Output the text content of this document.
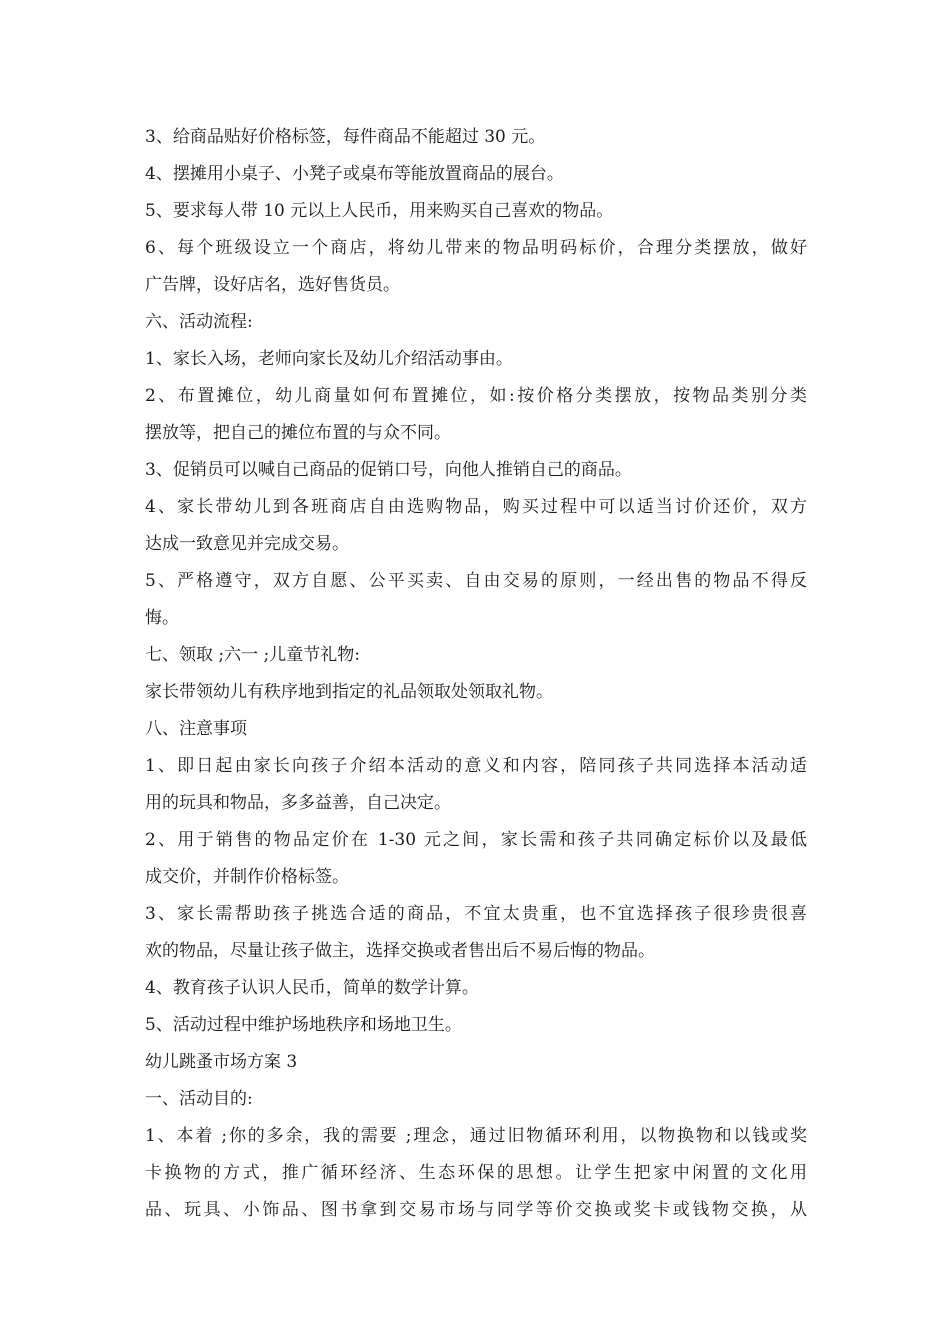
3、给商品贴好价格标签，每件商品不能超过 30 元。

4、摆摊用小桌子、小凳子或桌布等能放置商品的展台。

5、要求每人带 10 元以上人民币，用来购买自己喜欢的物品。

6、每个班级设立一个商店，将幼儿带来的物品明码标价，合理分类摆放，做好

广告牌，设好店名，选好售货员。

六、活动流程:

1、家长入场，老师向家长及幼儿介绍活动事由。

2、布置摊位，幼儿商量如何布置摊位，如:按价格分类摆放，按物品类别分类

摆放等，把自己的摊位布置的与众不同。

3、促销员可以喊自己商品的促销口号，向他人推销自己的商品。

4、家长带幼儿到各班商店自由选购物品，购买过程中可以适当讨价还价，双方

达成一致意见并完成交易。

5、严格遵守，双方自愿、公平买卖、自由交易的原则，一经出售的物品不得反

悔。

七、领取 ;六一 ;儿童节礼物:

家长带领幼儿有秩序地到指定的礼品领取处领取礼物。

八、注意事项

1、即日起由家长向孩子介绍本活动的意义和内容，陪同孩子共同选择本活动适

用的玩具和物品，多多益善，自己决定。

2、用于销售的物品定价在 1-30 元之间，家长需和孩子共同确定标价以及最低

成交价，并制作价格标签。

3、家长需帮助孩子挑选合适的商品，不宜太贵重，也不宜选择孩子很珍贵很喜

欢的物品，尽量让孩子做主，选择交换或者售出后不易后悔的物品。

4、教育孩子认识人民币，简单的数学计算。

5、活动过程中维护场地秩序和场地卫生。

幼儿跳蚤市场方案 3

一、活动目的:

1、本着 ;你的多余，我的需要 ;理念，通过旧物循环利用，以物换物和以钱或奖

卡换物的方式，推广循环经济、生态环保的思想。让学生把家中闲置的文化用

品、玩具、小饰品、图书拿到交易市场与同学等价交换或奖卡或钱物交换，从
